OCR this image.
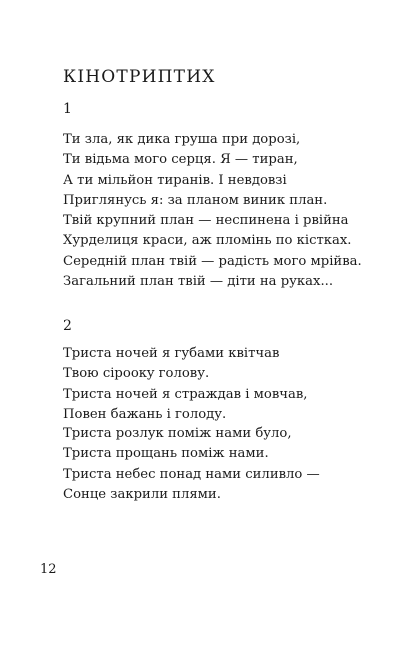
КІНОТРИПТИХ
1

Ти зла, як дика груша при дорозі,
Ти відьма мого серця. Я — тиран,
А ти мільйон тиранів. І невдовзі
Приглянусь я: за планом виник план.

Твій крупний план — неспинена і рвійна
Хурделиця краси, аж пломінь по кістках.
Середній план твій — радість мого мрійва.
Загальний план твій — діти на руках...

2

Триста ночей я губами квітчав
Твою сіроокy голову.
Триста ночей я страждав і мовчав,
Повен бажань і голоду.

Триста розлук поміж нами було,
Триста прощань поміж нами.
Триста небес понад нами силивло —
Сонце закрили плями.

12
